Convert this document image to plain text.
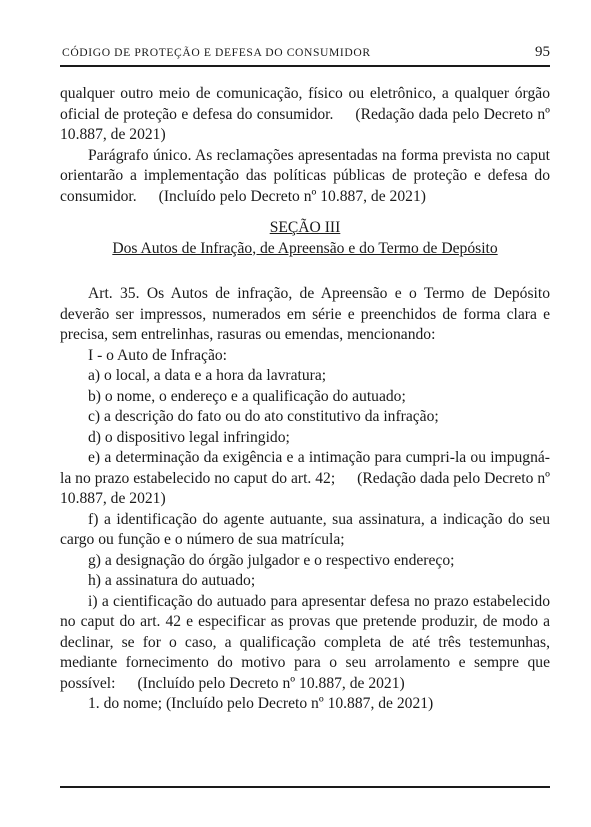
CÓDIGO DE PROTEÇÃO E DEFESA DO CONSUMIDOR	95

qualquer outro meio de comunicação, físico ou eletrônico, a qualquer órgão oficial de proteção e defesa do consumidor. (Redação dada pelo Decreto nº 10.887, de 2021)

Parágrafo único. As reclamações apresentadas na forma prevista no caput orientarão a implementação das políticas públicas de proteção e defesa do consumidor. (Incluído pelo Decreto nº 10.887, de 2021)

SEÇÃO III

Dos Autos de Infração, de Apreensão e do Termo de Depósito

Art. 35. Os Autos de infração, de Apreensão e o Termo de Depósito deverão ser impressos, numerados em série e preenchidos de forma clara e precisa, sem entrelinhas, rasuras ou emendas, mencionando:

I - o Auto de Infração:

a) o local, a data e a hora da lavratura;

b) o nome, o endereço e a qualificação do autuado;

c) a descrição do fato ou do ato constitutivo da infração;

d) o dispositivo legal infringido;

e) a determinação da exigência e a intimação para cumpri-la ou impugná-la no prazo estabelecido no caput do art. 42; (Redação dada pelo Decreto nº 10.887, de 2021)

f) a identificação do agente autuante, sua assinatura, a indicação do seu cargo ou função e o número de sua matrícula;

g) a designação do órgão julgador e o respectivo endereço;

h) a assinatura do autuado;

i) a cientificação do autuado para apresentar defesa no prazo estabelecido no caput do art. 42 e especificar as provas que pretende produzir, de modo a declinar, se for o caso, a qualificação completa de até três testemunhas, mediante fornecimento do motivo para o seu arrolamento e sempre que possível: (Incluído pelo Decreto nº 10.887, de 2021)

1. do nome; (Incluído pelo Decreto nº 10.887, de 2021)
